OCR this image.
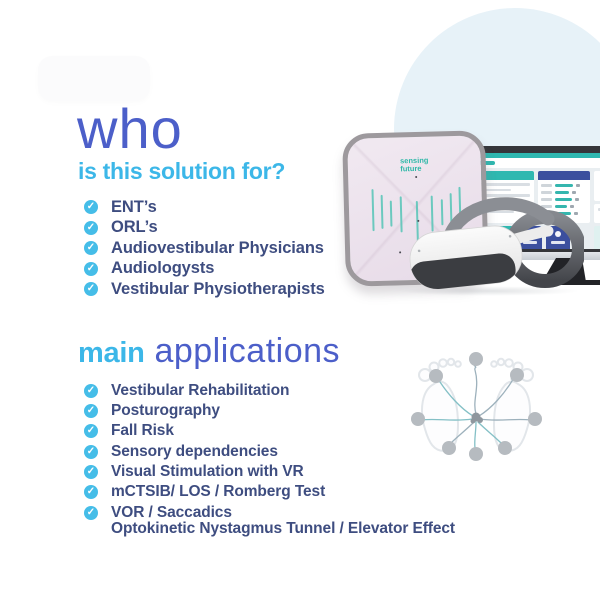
who
is this solution for?
✓ ENT’s
✓ ORL’s
✓ Audiovestibular Physicians
✓ Audiologysts
✓ Vestibular Physiotherapists
main applications
✓ Vestibular Rehabilitation
✓ Posturography
✓ Fall Risk
✓ Sensory dependencies
✓ Visual Stimulation with VR
✓ mCTSIB/ LOS / Romberg Test
✓ VOR / Saccadics
Optokinetic Nystagmus Tunnel / Elevator Effect
sensing
future
